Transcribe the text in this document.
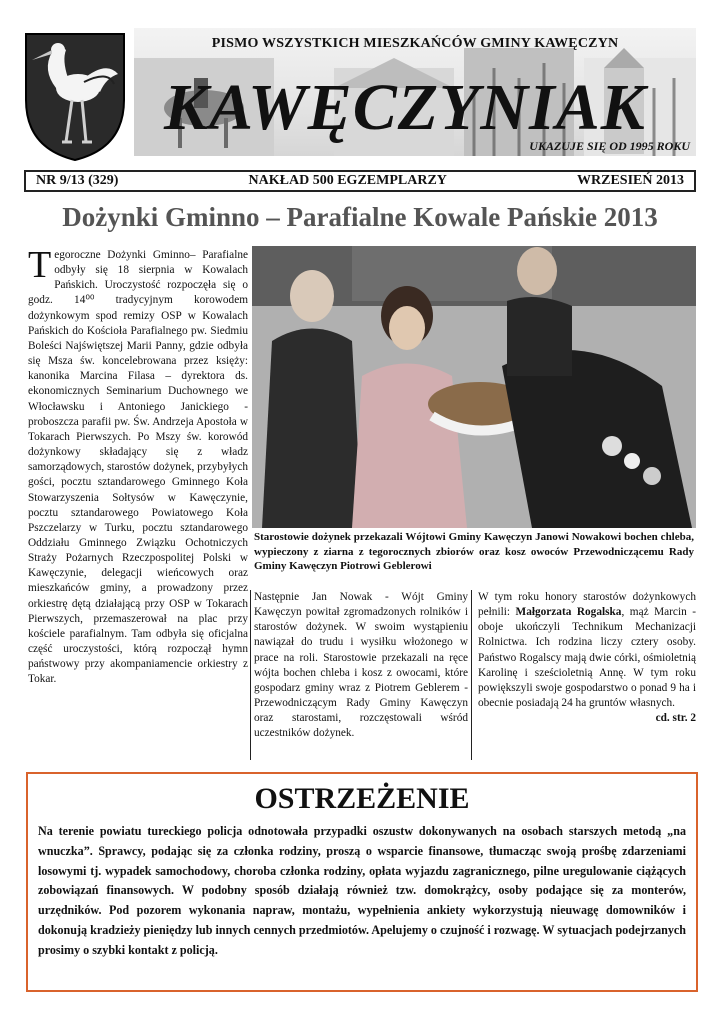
PISMO WSZYSTKICH MIESZKAŃCÓW GMINY KAWĘCZYN
KAWĘCZYNIAK
UKAZUJE SIĘ OD 1995 ROKU
NR 9/13 (329)	NAKŁAD 500 EGZEMPLARZY	WRZESIEŃ 2013
Dożynki Gminno – Parafialne Kowale Pańskie 2013
Tegoroczne Dożynki Gminno– Parafialne odbyły się 18 sierpnia w Kowalach Pańskich. Uroczystość rozpoczęła się o godz. 14⁰⁰ tradycyjnym korowodem dożynkowym spod remizy OSP w Kowalach Pańskich do Kościoła Parafialnego pw. Siedmiu Boleści Najświętszej Marii Panny, gdzie odbyła się Msza św. koncelebrowana przez księży: kanonika Marcina Filasa – dyrektora ds. ekonomicznych Seminarium Duchownego we Włocławsku i Antoniego Janickiego - proboszcza parafii pw. Św. Andrzeja Apostoła w Tokarach Pierwszych. Po Mszy św. korowód dożynkowy składający się z władz samorządowych, starostów dożynek, przybyłych gości, pocztu sztandarowego Gminnego Koła Stowarzyszenia Sołtysów w Kawęczynie, pocztu sztandarowego Powiatowego Koła Pszczelarzy w Turku, pocztu sztandarowego Oddziału Gminnego Związku Ochotniczych Straży Pożarnych Rzeczpospolitej Polski w Kawęczynie, delegacji wieńcowych oraz mieszkańców gminy, a prowadzony przez orkiestrę dętą działającą przy OSP w Tokarach Pierwszych, przemaszerował na plac przy kościele parafialnym. Tam odbyła się oficjalna część uroczystości, którą rozpoczął hymn państwowy przy akompaniamencie orkiestry z Tokar.
Starostowie dożynek przekazali Wójtowi Gminy Kawęczyn Janowi Nowakowi bochen chleba, wypieczony z ziarna z tegorocznych zbiorów oraz kosz owoców Przewodniczącemu Rady Gminy Kawęczyn Piotrowi Geblerowi
Następnie Jan Nowak - Wójt Gminy Kawęczyn powitał zgromadzonych rolników i starostów dożynek. W swoim wystąpieniu nawiązał do trudu i wysiłku włożonego w prace na roli. Starostowie przekazali na ręce wójta bochen chleba i kosz z owocami, które gospodarz gminy wraz z Piotrem Geblerem - Przewodniczącym Rady Gminy Kawęczyn oraz starostami, rozczęstowali wśród uczestników dożynek.
W tym roku honory starostów dożynkowych pełnili: Małgorzata Rogalska, mąż Marcin - oboje ukończyli Technikum Mechanizacji Rolnictwa. Ich rodzina liczy cztery osoby. Państwo Rogalscy mają dwie córki, ośmioletnią Karolinę i sześcioletnią Annę. W tym roku powiększyli swoje gospodarstwo o ponad 9 ha i obecnie posiadają 24 ha gruntów własnych.
cd. str. 2
OSTRZEŻENIE
Na terenie powiatu tureckiego policja odnotowała przypadki oszustw dokonywanych na osobach starszych metodą „na wnuczka”. Sprawcy, podając się za członka rodziny, proszą o wsparcie finansowe, tłumacząc swoją prośbę zdarzeniami losowymi tj. wypadek samochodowy, choroba członka rodziny, opłata wyjazdu zagranicznego, pilne uregulowanie ciążących zobowiązań finansowych. W podobny sposób działają również tzw. domokrążcy, osoby podające się za monterów, urzędników. Pod pozorem wykonania napraw, montażu, wypełnienia ankiety wykorzystują nieuwagę domowników i dokonują kradzieży pieniędzy lub innych cennych przedmiotów. Apelujemy o czujność i rozwagę. W sytuacjach podejrzanych prosimy o szybki kontakt z policją.
